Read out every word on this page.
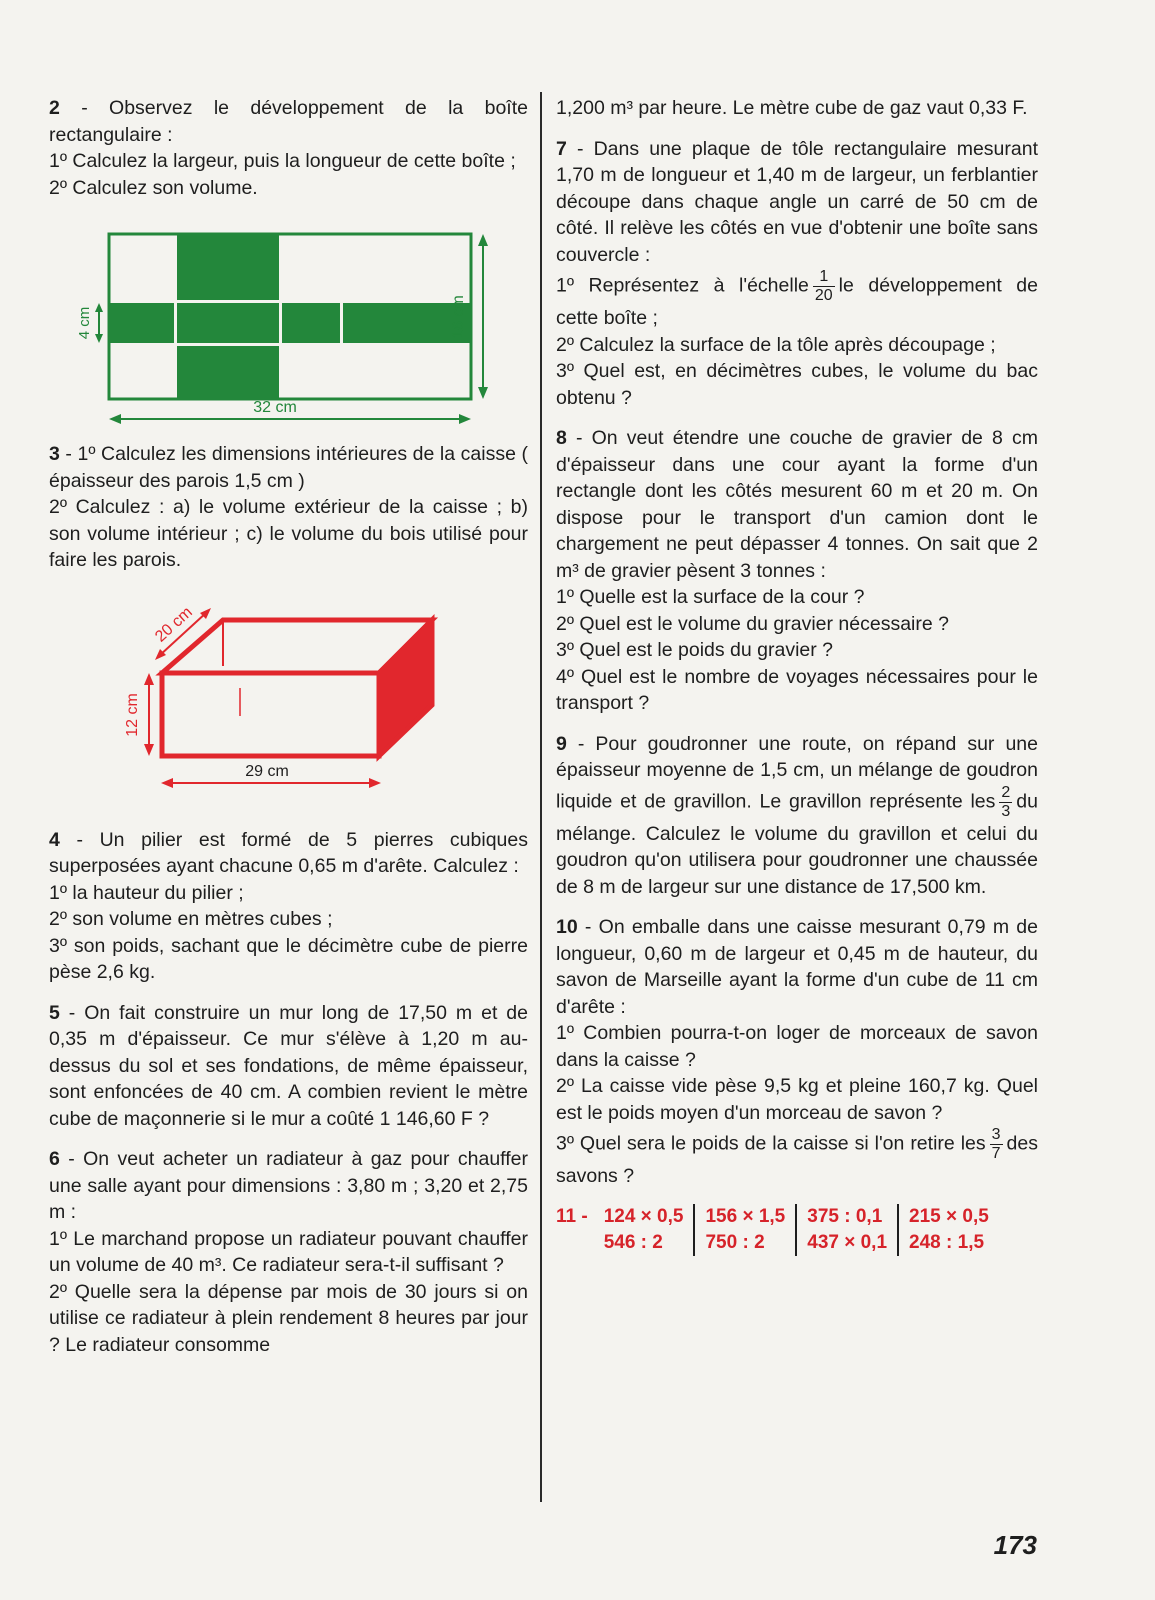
2 - Observez le développement de la boîte rectangulaire :

1º Calculez la largeur, puis la longueur de cette boîte ;

2º Calculez son volume.

32 cm
16 cm
4 cm

3 - 1º Calculez les dimensions intérieures de la caisse ( épaisseur des parois 1,5 cm )

2º Calculez : a) le volume extérieur de la caisse ; b) son volume intérieur ; c) le volume du bois utilisé pour faire les parois.

20 cm
12 cm
29 cm

4 - Un pilier est formé de 5 pierres cubiques superposées ayant chacune 0,65 m d'arête. Calculez :

1º la hauteur du pilier ;

2º son volume en mètres cubes ;

3º son poids, sachant que le décimètre cube de pierre pèse 2,6 kg.

5 - On fait construire un mur long de 17,50 m et de 0,35 m d'épaisseur. Ce mur s'élève à 1,20 m au-dessus du sol et ses fondations, de même épaisseur, sont enfoncées de 40 cm. A combien revient le mètre cube de maçonnerie si le mur a coûté 1 146,60 F ?

6 - On veut acheter un radiateur à gaz pour chauffer une salle ayant pour dimensions : 3,80 m ; 3,20 et 2,75 m :

1º Le marchand propose un radiateur pouvant chauffer un volume de 40 m³. Ce radiateur sera-t-il suffisant ?

2º Quelle sera la dépense par mois de 30 jours si on utilise ce radiateur à plein rendement 8 heures par jour ? Le radiateur consomme

1,200 m³ par heure. Le mètre cube de gaz vaut 0,33 F.

7 - Dans une plaque de tôle rectangulaire mesurant 1,70 m de longueur et 1,40 m de largeur, un ferblantier découpe dans chaque angle un carré de 50 cm de côté. Il relève les côtés en vue d'obtenir une boîte sans couvercle :

1º Représentez à l'échelle $\frac{1}{20}$ le développement de cette boîte ;

2º Calculez la surface de la tôle après découpage ;

3º Quel est, en décimètres cubes, le volume du bac obtenu ?

8 - On veut étendre une couche de gravier de 8 cm d'épaisseur dans une cour ayant la forme d'un rectangle dont les côtés mesurent 60 m et 20 m. On dispose pour le transport d'un camion dont le chargement ne peut dépasser 4 tonnes. On sait que 2 m³ de gravier pèsent 3 tonnes :

1º Quelle est la surface de la cour ?

2º Quel est le volume du gravier nécessaire ?

3º Quel est le poids du gravier ?

4º Quel est le nombre de voyages nécessaires pour le transport ?

9 - Pour goudronner une route, on répand sur une épaisseur moyenne de 1,5 cm, un mélange de goudron liquide et de gravillon. Le gravillon représente les $\frac{2}{3}$ du mélange. Calculez le volume du gravillon et celui du goudron qu'on utilisera pour goudronner une chaussée de 8 m de largeur sur une distance de 17,500 km.

10 - On emballe dans une caisse mesurant 0,79 m de longueur, 0,60 m de largeur et 0,45 m de hauteur, du savon de Marseille ayant la forme d'un cube de 11 cm d'arête :

1º Combien pourra-t-on loger de morceaux de savon dans la caisse ?

2º La caisse vide pèse 9,5 kg et pleine 160,7 kg. Quel est le poids moyen d'un morceau de savon ?

3º Quel sera le poids de la caisse si l'on retire les $\frac{3}{7}$ des savons ?

11 -	124 × 0,5	156 × 1,5	375 : 0,1	215 × 0,5
	546 : 2	750 : 2	437 × 0,1	248 : 1,5
173
